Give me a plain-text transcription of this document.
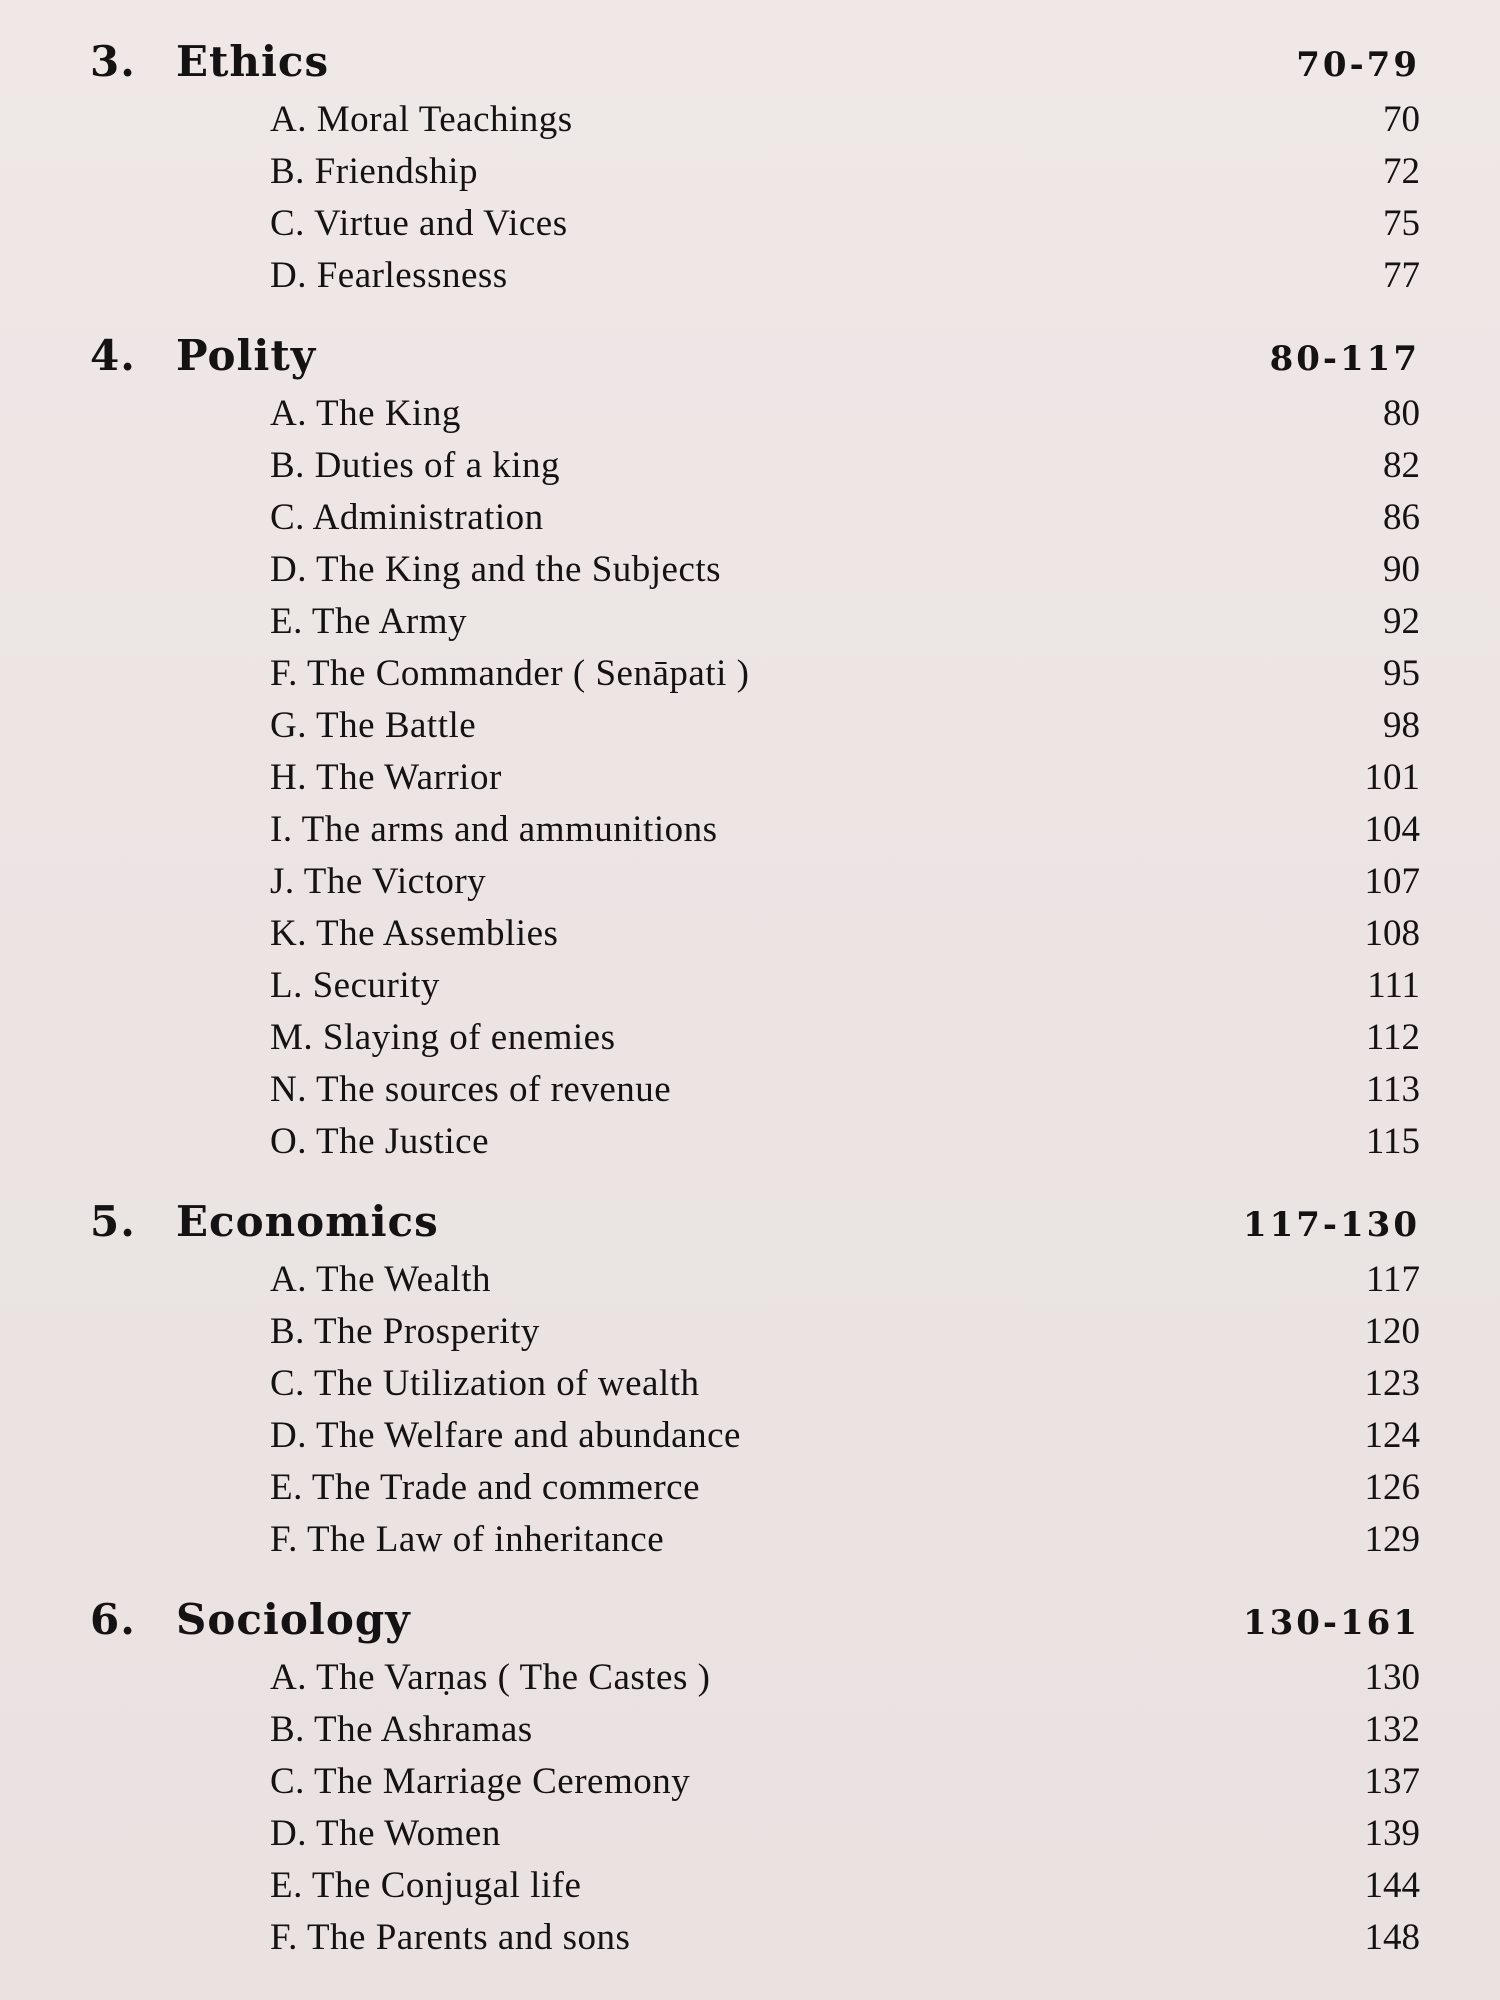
3. Ethics	70-79
A. Moral Teachings	70
B. Friendship	72
C. Virtue and Vices	75
D. Fearlessness	77
4. Polity	80-117
A. The King	80
B. Duties of a king	82
C. Administration	86
D. The King and the Subjects	90
E. The Army	92
F. The Commander ( Senāpati )	95
G. The Battle	98
H. The Warrior	101
I. The arms and ammunitions	104
J. The Victory	107
K. The Assemblies	108
L. Security	111
M. Slaying of enemies	112
N. The sources of revenue	113
O. The Justice	115
5. Economics	117-130
A. The Wealth	117
B. The Prosperity	120
C. The Utilization of wealth	123
D. The Welfare and abundance	124
E. The Trade and commerce	126
F. The Law of inheritance	129
6. Sociology	130-161
A. The Varṇas ( The Castes )	130
B. The Ashramas	132
C. The Marriage Ceremony	137
D. The Women	139
E. The Conjugal life	144
F. The Parents and sons	148
